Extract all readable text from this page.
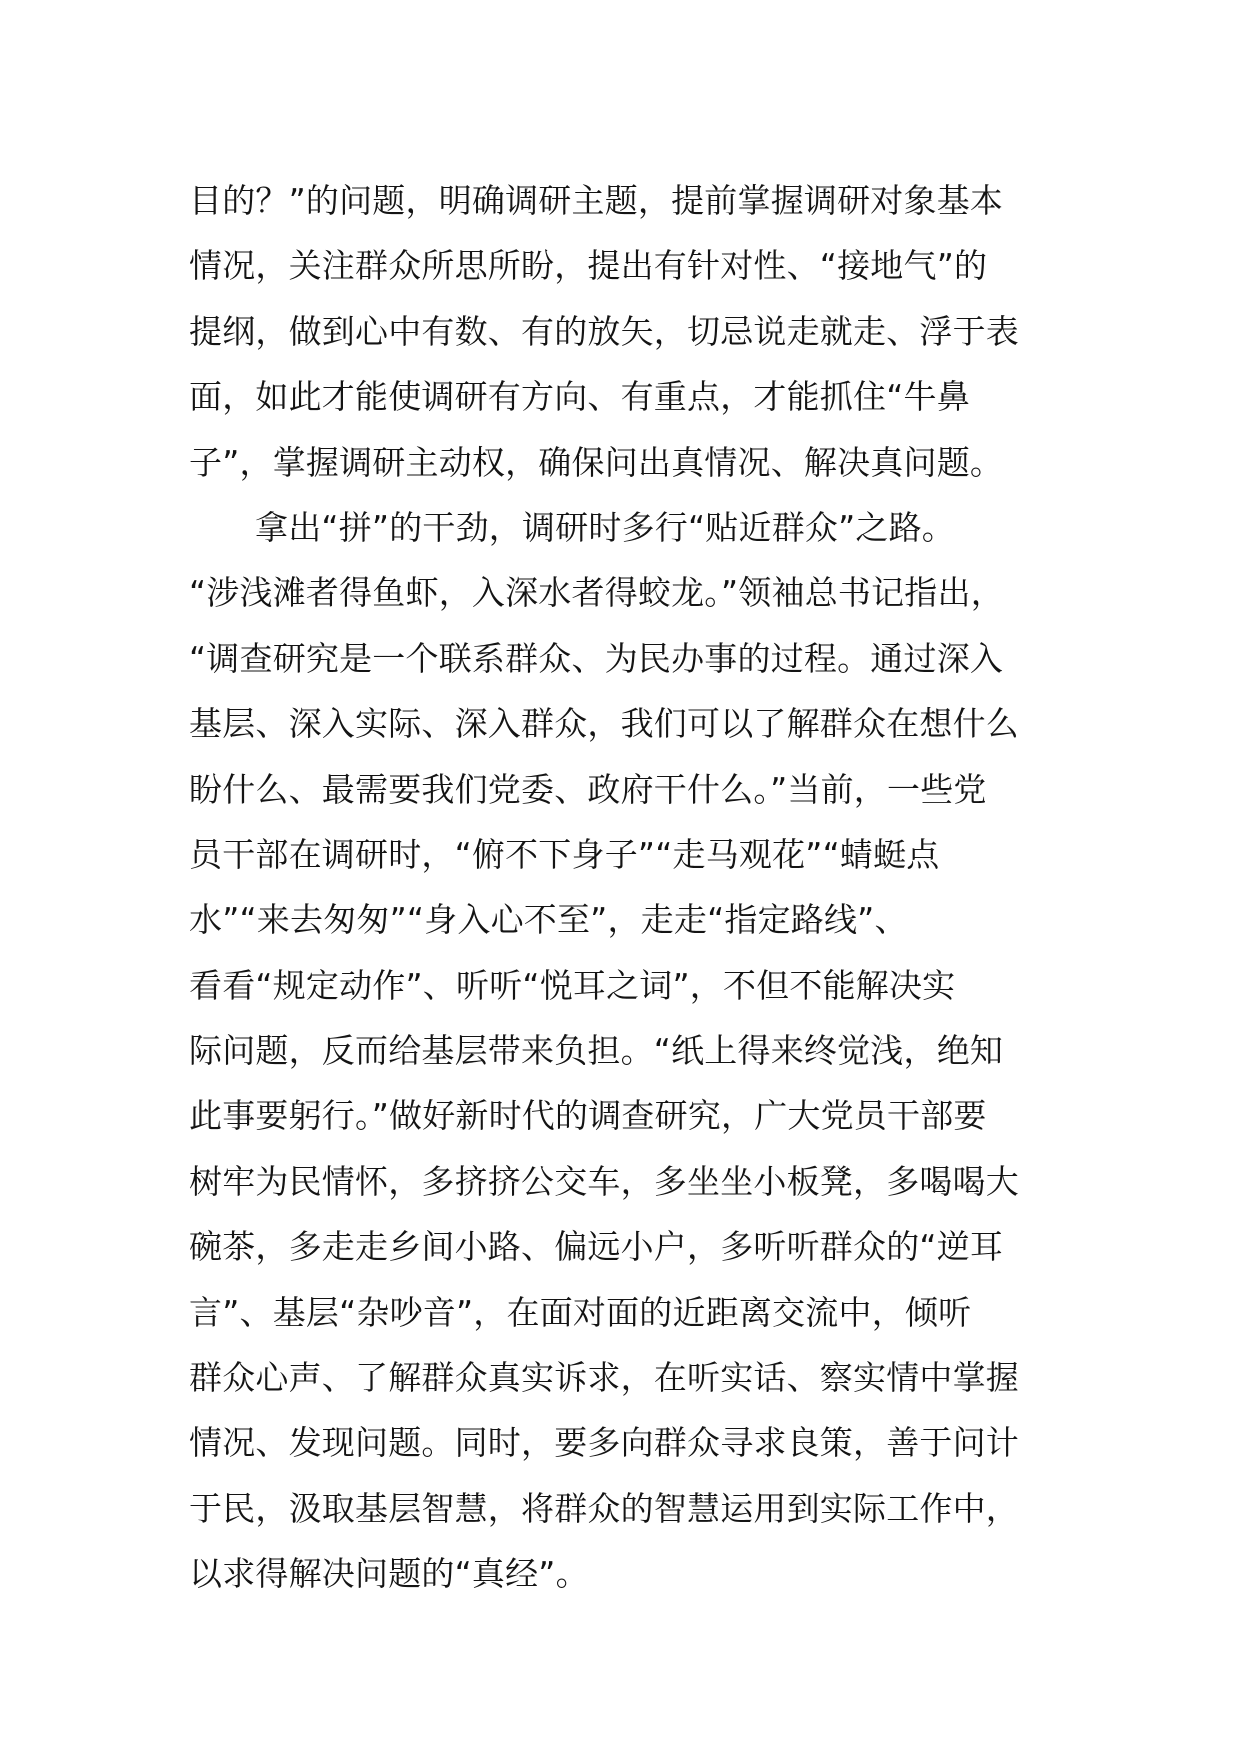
目的？”的问题，明确调研主题，提前掌握调研对象基本
情况，关注群众所思所盼，提出有针对性、“接地气”的
提纲，做到心中有数、有的放矢，切忌说走就走、浮于表
面，如此才能使调研有方向、有重点，才能抓住“牛鼻
子”，掌握调研主动权，确保问出真情况、解决真问题。
拿出“拼”的干劲，调研时多行“贴近群众”之路。
“涉浅滩者得鱼虾，入深水者得蛟龙。”领袖总书记指出，
“调查研究是一个联系群众、为民办事的过程。通过深入
基层、深入实际、深入群众，我们可以了解群众在想什么
盼什么、最需要我们党委、政府干什么。”当前，一些党
员干部在调研时，“俯不下身子”“走马观花”“蜻蜓点
水”“来去匆匆”“身入心不至”，走走“指定路线”、
看看“规定动作”、听听“悦耳之词”，不但不能解决实
际问题，反而给基层带来负担。“纸上得来终觉浅，绝知
此事要躬行。”做好新时代的调查研究，广大党员干部要
树牢为民情怀，多挤挤公交车，多坐坐小板凳，多喝喝大
碗茶，多走走乡间小路、偏远小户，多听听群众的“逆耳
言”、基层“杂吵音”，在面对面的近距离交流中，倾听
群众心声、了解群众真实诉求，在听实话、察实情中掌握
情况、发现问题。同时，要多向群众寻求良策，善于问计
于民，汲取基层智慧，将群众的智慧运用到实际工作中，
以求得解决问题的“真经”。
